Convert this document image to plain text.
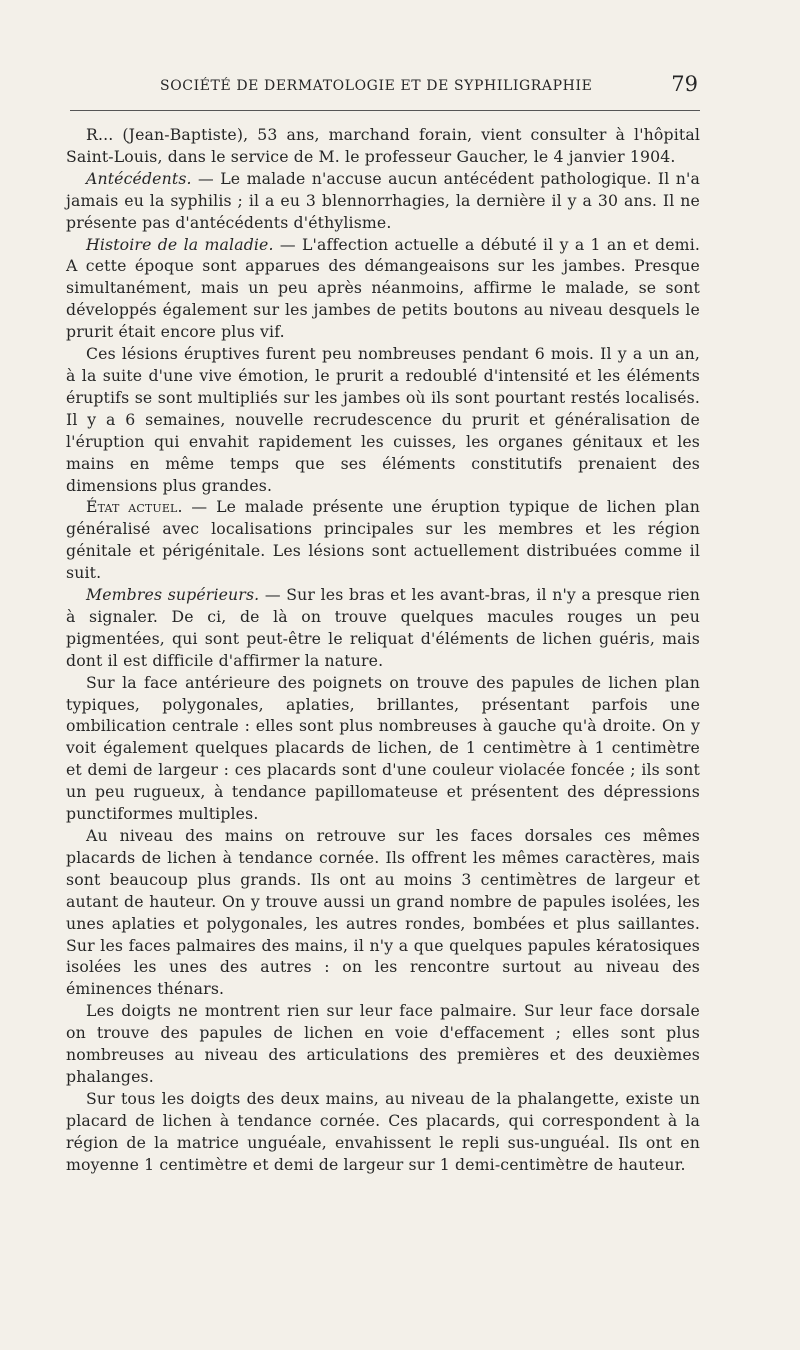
SOCIÉTÉ DE DERMATOLOGIE ET DE SYPHILIGRAPHIE	79

R... (Jean-Baptiste), 53 ans, marchand forain, vient consulter à l'hôpital Saint-Louis, dans le service de M. le professeur Gaucher, le 4 janvier 1904.

Antécédents. — Le malade n'accuse aucun antécédent pathologique. Il n'a jamais eu la syphilis ; il a eu 3 blennorrhagies, la dernière il y a 30 ans. Il ne présente pas d'antécédents d'éthylisme.

Histoire de la maladie. — L'affection actuelle a débuté il y a 1 an et demi. A cette époque sont apparues des démangeaisons sur les jambes. Presque simultanément, mais un peu après néanmoins, affirme le malade, se sont développés également sur les jambes de petits boutons au niveau desquels le prurit était encore plus vif.

Ces lésions éruptives furent peu nombreuses pendant 6 mois. Il y a un an, à la suite d'une vive émotion, le prurit a redoublé d'intensité et les éléments éruptifs se sont multipliés sur les jambes où ils sont pourtant restés localisés. Il y a 6 semaines, nouvelle recrudescence du prurit et généralisation de l'éruption qui envahit rapidement les cuisses, les organes génitaux et les mains en même temps que ses éléments constitutifs prenaient des dimensions plus grandes.

État actuel. — Le malade présente une éruption typique de lichen plan généralisé avec localisations principales sur les membres et les région génitale et périgénitale. Les lésions sont actuellement distribuées comme il suit.

Membres supérieurs. — Sur les bras et les avant-bras, il n'y a presque rien à signaler. De ci, de là on trouve quelques macules rouges un peu pigmentées, qui sont peut-être le reliquat d'éléments de lichen guéris, mais dont il est difficile d'affirmer la nature.

Sur la face antérieure des poignets on trouve des papules de lichen plan typiques, polygonales, aplaties, brillantes, présentant parfois une ombilication centrale : elles sont plus nombreuses à gauche qu'à droite. On y voit également quelques placards de lichen, de 1 centimètre à 1 centimètre et demi de largeur : ces placards sont d'une couleur violacée foncée ; ils sont un peu rugueux, à tendance papillomateuse et présentent des dépressions punctiformes multiples.

Au niveau des mains on retrouve sur les faces dorsales ces mêmes placards de lichen à tendance cornée. Ils offrent les mêmes caractères, mais sont beaucoup plus grands. Ils ont au moins 3 centimètres de largeur et autant de hauteur. On y trouve aussi un grand nombre de papules isolées, les unes aplaties et polygonales, les autres rondes, bombées et plus saillantes. Sur les faces palmaires des mains, il n'y a que quelques papules kératosiques isolées les unes des autres : on les rencontre surtout au niveau des éminences thénars.

Les doigts ne montrent rien sur leur face palmaire. Sur leur face dorsale on trouve des papules de lichen en voie d'effacement ; elles sont plus nombreuses au niveau des articulations des premières et des deuxièmes phalanges.

Sur tous les doigts des deux mains, au niveau de la phalangette, existe un placard de lichen à tendance cornée. Ces placards, qui correspondent à la région de la matrice unguéale, envahissent le repli sus-unguéal. Ils ont en moyenne 1 centimètre et demi de largeur sur 1 demi-centimètre de hauteur.
